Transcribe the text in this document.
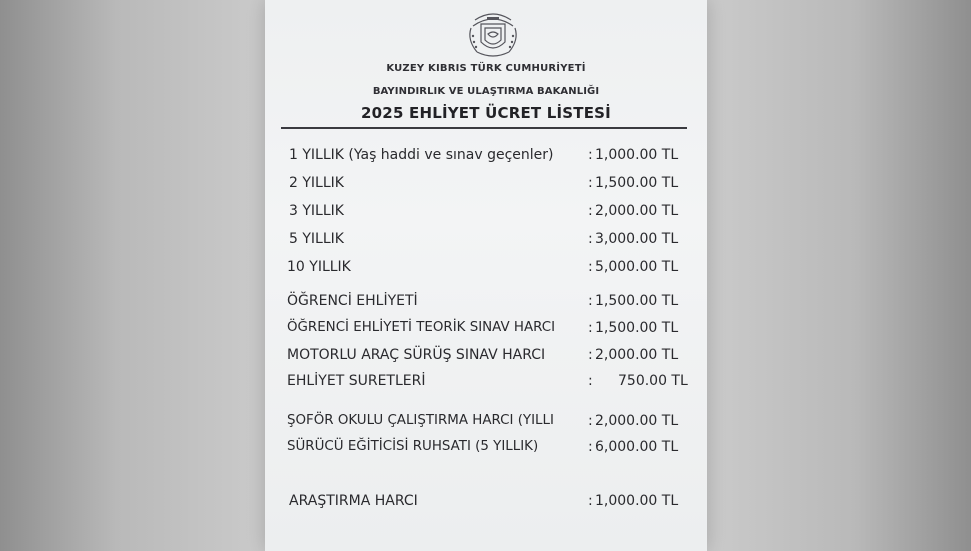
KUZEY KIBRIS TÜRK CUMHURİYETİ
BAYINDIRLIK VE ULAŞTIRMA BAKANLIĞI
2025 EHLİYET ÜCRET LİSTESİ
1 YILLIK (Yaş haddi ve sınav geçenler) : 1,000.00 TL
2 YILLIK	: 1,500.00 TL
3 YILLIK	: 2,000.00 TL
5 YILLIK	: 3,000.00 TL
10 YILLIK	: 5,000.00 TL
ÖĞRENCİ EHLİYETİ	: 1,500.00 TL
ÖĞRENCİ EHLİYETİ TEORİK SINAV HARCI : 1,500.00 TL
MOTORLU ARAÇ SÜRÜŞ SINAV HARCI	: 2,000.00 TL
EHLİYET SURETLERİ	: 750.00 TL
ŞOFÖR OKULU ÇALIŞTIRMA HARCI (YILLI : 2,000.00 TL
SÜRÜCÜ EĞİTİCİSİ RUHSATI (5 YILLIK)	: 6,000.00 TL
ARAŞTIRMA HARCI	: 1,000.00 TL
